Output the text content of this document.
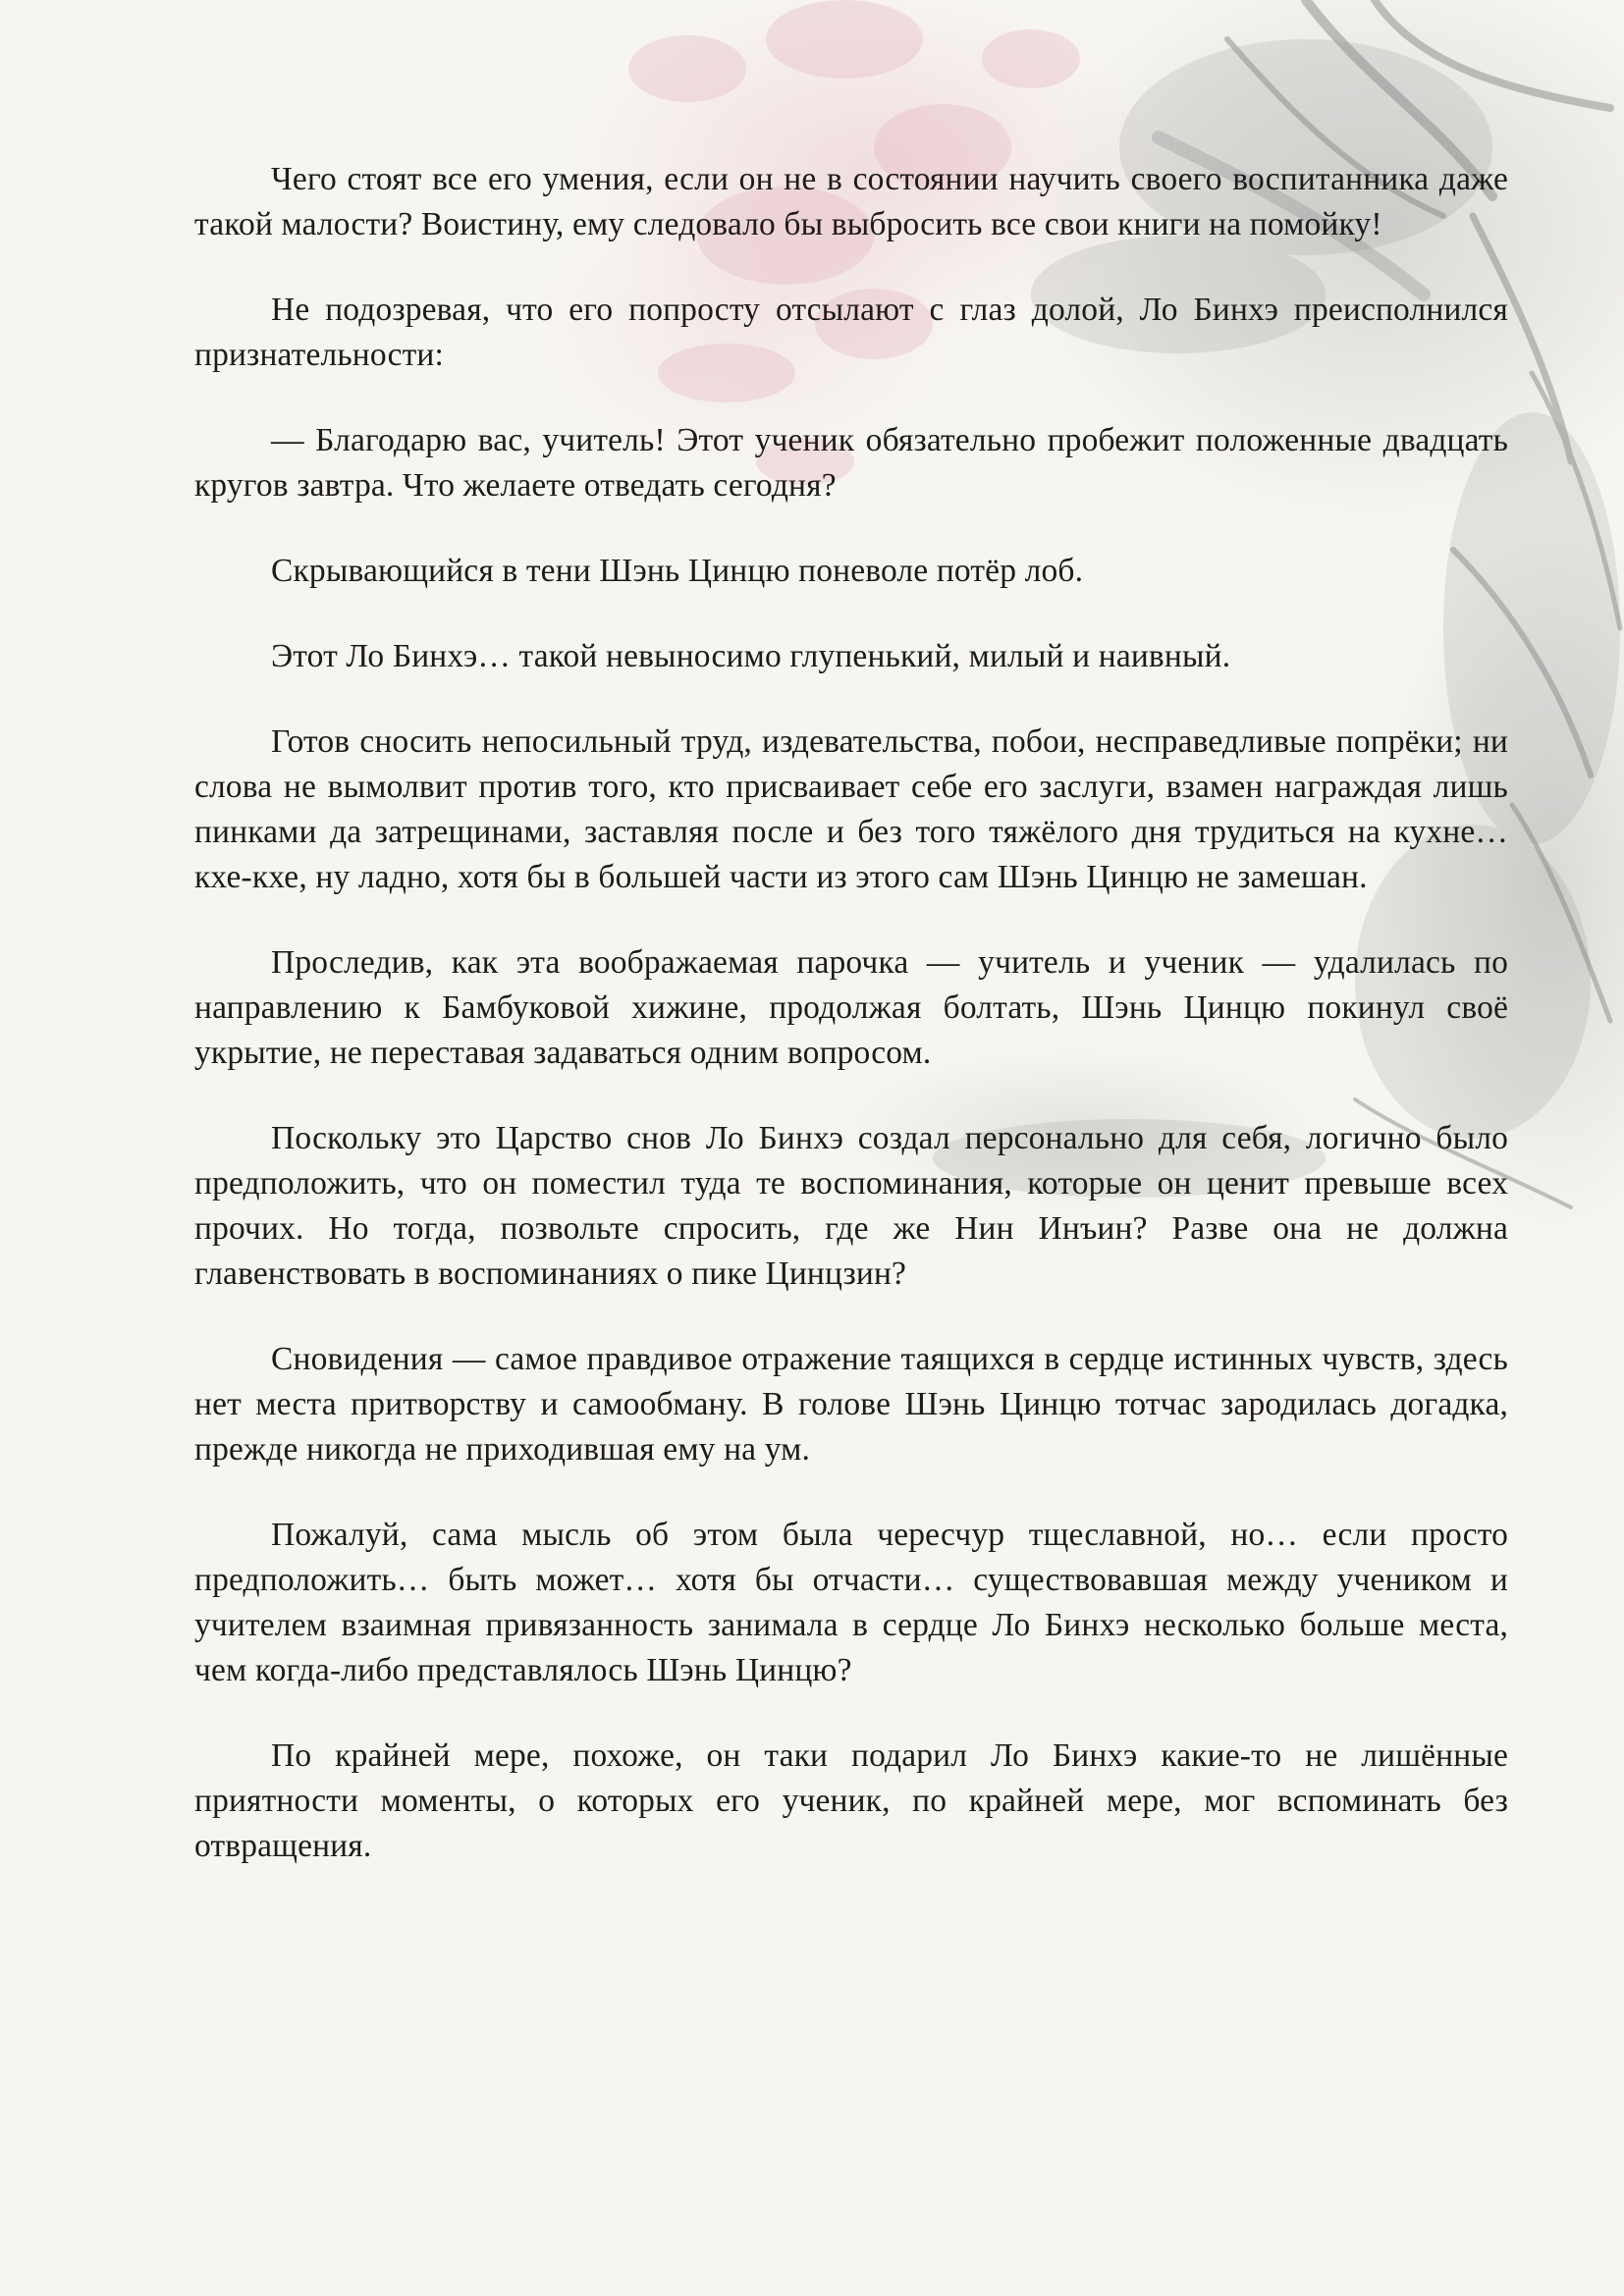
Чего стоят все его умения, если он не в состоянии научить своего воспитанника даже такой малости? Воистину, ему следовало бы выбросить все свои книги на помойку!

Не подозревая, что его попросту отсылают с глаз долой, Ло Бинхэ преисполнился признательности:

— Благодарю вас, учитель! Этот ученик обязательно пробежит положенные двадцать кругов завтра. Что желаете отведать сегодня?

Скрывающийся в тени Шэнь Цинцю поневоле потёр лоб.

Этот Ло Бинхэ… такой невыносимо глупенький, милый и наивный.

Готов сносить непосильный труд, издевательства, побои, несправедливые попрёки; ни слова не вымолвит против того, кто присваивает себе его заслуги, взамен награждая лишь пинками да затрещинами, заставляя после и без того тяжёлого дня трудиться на кухне… кхе-кхе, ну ладно, хотя бы в большей части из этого сам Шэнь Цинцю не замешан.

Проследив, как эта воображаемая парочка — учитель и ученик — удалилась по направлению к Бамбуковой хижине, продолжая болтать, Шэнь Цинцю покинул своё укрытие, не переставая задаваться одним вопросом.

Поскольку это Царство снов Ло Бинхэ создал персонально для себя, логично было предположить, что он поместил туда те воспоминания, которые он ценит превыше всех прочих. Но тогда, позвольте спросить, где же Нин Инъин? Разве она не должна главенствовать в воспоминаниях о пике Цинцзин?

Сновидения — самое правдивое отражение таящихся в сердце истинных чувств, здесь нет места притворству и самообману. В голове Шэнь Цинцю тотчас зародилась догадка, прежде никогда не приходившая ему на ум.

Пожалуй, сама мысль об этом была чересчур тщеславной, но… если просто предположить… быть может… хотя бы отчасти… существовавшая между учеником и учителем взаимная привязанность занимала в сердце Ло Бинхэ несколько больше места, чем когда-либо представлялось Шэнь Цинцю?

По крайней мере, похоже, он таки подарил Ло Бинхэ какие-то не лишённые приятности моменты, о которых его ученик, по крайней мере, мог вспоминать без отвращения.
